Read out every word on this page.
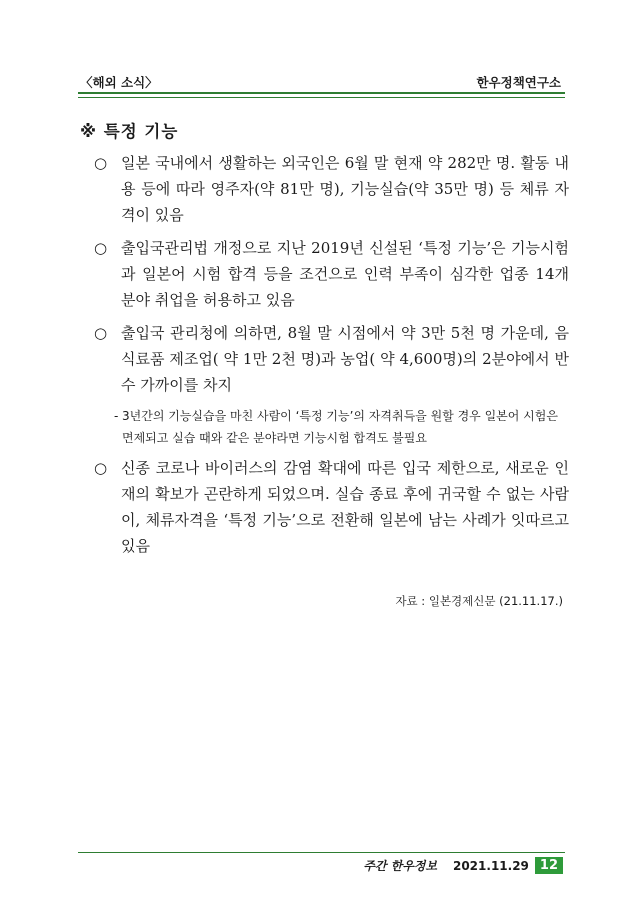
〈해외 소식〉	한우정책연구소
※ 특정 기능
○ 일본 국내에서 생활하는 외국인은 6월 말 현재 약 282만 명. 활동 내용 등에 따라 영주자(약 81만 명), 기능실습(약 35만 명) 등 체류 자격이 있음
○ 출입국관리법 개정으로 지난 2019년 신설된 ‘특정 기능’은 기능시험과 일본어 시험 합격 등을 조건으로 인력 부족이 심각한 업종 14개 분야 취업을 허용하고 있음
○ 출입국 관리청에 의하면, 8월 말 시점에서 약 3만 5천 명 가운데, 음식료품 제조업( 약 1만 2천 명)과 농업( 약 4,600명)의 2분야에서 반수 가까이를 차지
- 3년간의 기능실습을 마친 사람이 ‘특정 기능’의 자격취득을 원할 경우 일본어 시험은 면제되고 실습 때와 같은 분야라면 기능시험 합격도 불필요
○ 신종 코로나 바이러스의 감염 확대에 따른 입국 제한으로, 새로운 인재의 확보가 곤란하게 되었으며. 실습 종료 후에 귀국할 수 없는 사람이, 체류자격을 ‘특정 기능’으로 전환해 일본에 남는 사례가 잇따르고 있음
자료 : 일본경제신문 (21.11.17.)
주간 한우정보 2021.11.29 12
